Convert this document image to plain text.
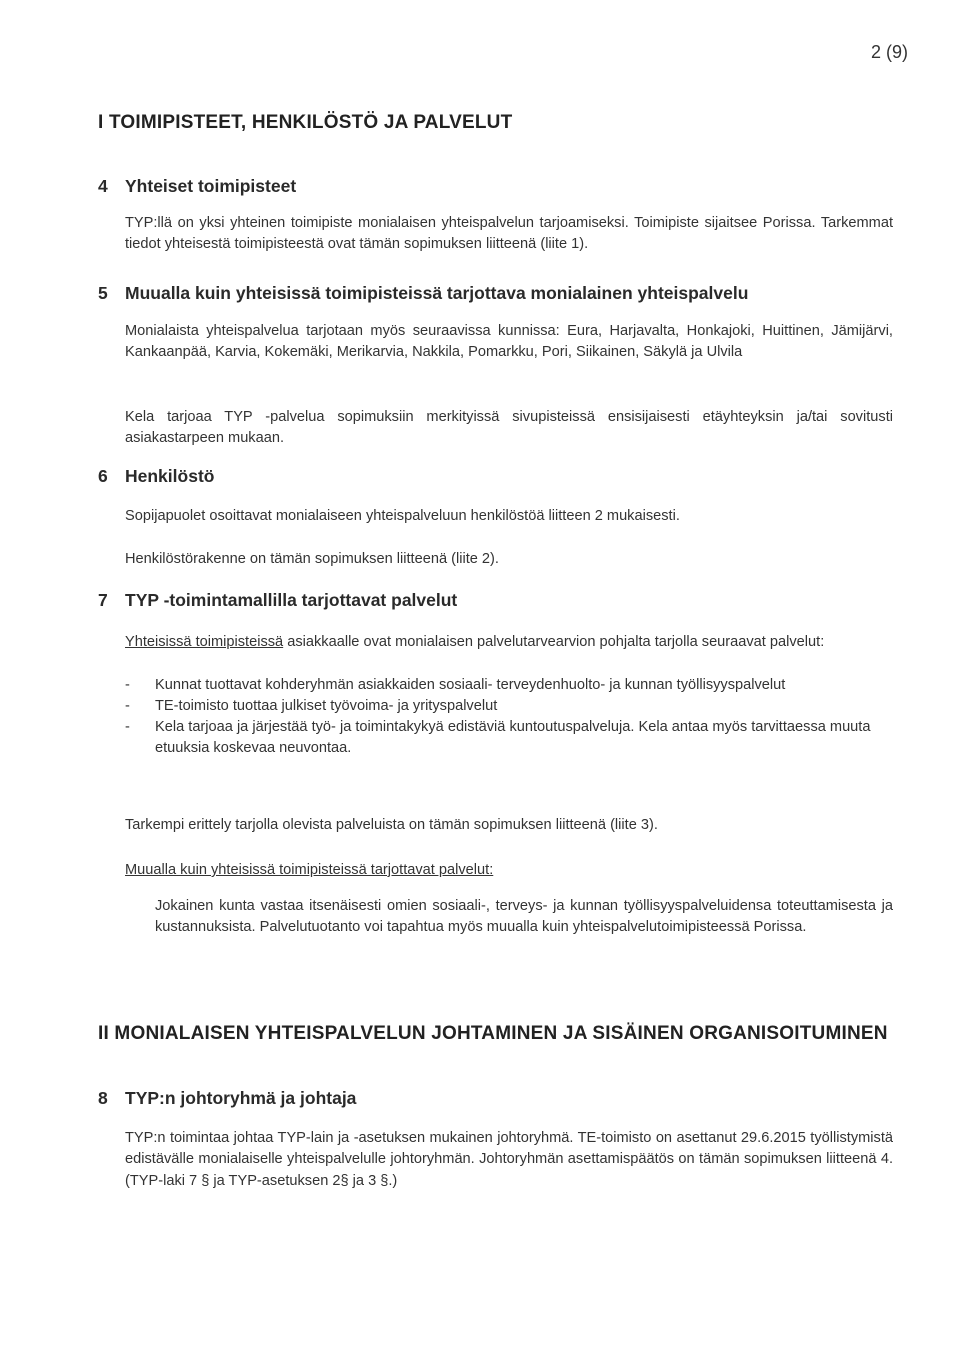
2 (9)
I TOIMIPISTEET, HENKILÖSTÖ JA PALVELUT
4 Yhteiset toimipisteet
TYP:llä on yksi yhteinen toimipiste monialaisen yhteispalvelun tarjoamiseksi. Toimipiste sijaitsee Porissa. Tarkemmat tiedot yhteisestä toimipisteestä ovat tämän sopimuksen liitteenä (liite 1).
5 Muualla kuin yhteisissä toimipisteissä tarjottava monialainen yhteispalvelu
Monialaista yhteispalvelua tarjotaan myös seuraavissa kunnissa: Eura, Harjavalta, Honkajoki, Huittinen, Jämijärvi, Kankaanpää, Karvia, Kokemäki, Merikarvia, Nakkila, Pomarkku, Pori, Siikainen, Säkylä ja Ulvila
Kela tarjoaa TYP -palvelua sopimuksiin merkityissä sivupisteissä ensisijaisesti etäyhteyksin ja/tai sovitusti asiakastarpeen mukaan.
6 Henkilöstö
Sopijapuolet osoittavat monialaiseen yhteispalveluun henkilöstöä liitteen 2 mukaisesti.
Henkilöstörakenne on tämän sopimuksen liitteenä (liite 2).
7 TYP -toimintamallilla tarjottavat palvelut
Yhteisissä toimipisteissä asiakkaalle ovat monialaisen palvelutarvearvion pohjalta tarjolla seuraavat palvelut:
-	Kunnat tuottavat kohderyhmän asiakkaiden sosiaali- terveydenhuolto- ja kunnan työllisyyspalvelut
-	TE-toimisto tuottaa julkiset työvoima- ja yrityspalvelut
-	Kela tarjoaa ja järjestää työ- ja toimintakykyä edistäviä kuntoutuspalveluja. Kela antaa myös tarvittaessa muuta etuuksia koskevaa neuvontaa.
Tarkempi erittely tarjolla olevista palveluista on tämän sopimuksen liitteenä (liite 3).
Muualla kuin yhteisissä toimipisteissä tarjottavat palvelut:
Jokainen kunta vastaa itsenäisesti omien sosiaali-, terveys- ja kunnan työllisyyspalveluidensa toteuttamisesta ja kustannuksista. Palvelutuotanto voi tapahtua myös muualla kuin yhteispalvelutoimipisteessä Porissa.
II MONIALAISEN YHTEISPALVELUN JOHTAMINEN JA SISÄINEN ORGANISOITUMINEN
8 TYP:n johtoryhmä ja johtaja
TYP:n toimintaa johtaa TYP-lain ja -asetuksen mukainen johtoryhmä. TE-toimisto on asettanut 29.6.2015 työllistymistä edistävälle monialaiselle yhteispalvelulle johtoryhmän. Johtoryhmän asettamispäätös on tämän sopimuksen liitteenä 4. (TYP-laki 7 § ja TYP-asetuksen 2§ ja 3 §.)
